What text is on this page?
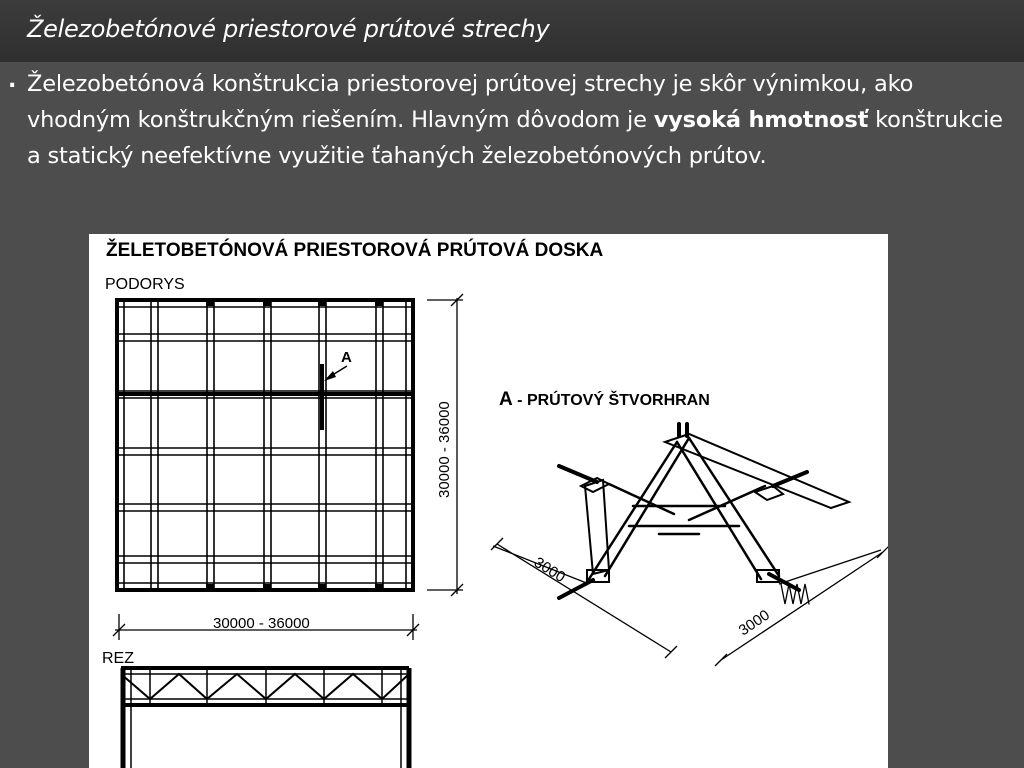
Železobetónové priestorové prútové strechy
. Železobetónová konštrukcia priestorovej prútovej strechy je skôr výnimkou, ako vhodným konštrukčným riešením. Hlavným dôvodom je vysoká hmotnosť konštrukcie a statický neefektívne využitie ťahaných železobetónových prútov.
ŽELETOBETÓNOVÁ PRIESTOROVÁ PRÚTOVÁ DOSKA
PODORYS
A
30000 - 36000
30000 - 36000
REZ
A - PRÚTOVÝ ŠTVORHRAN
3000
3000
